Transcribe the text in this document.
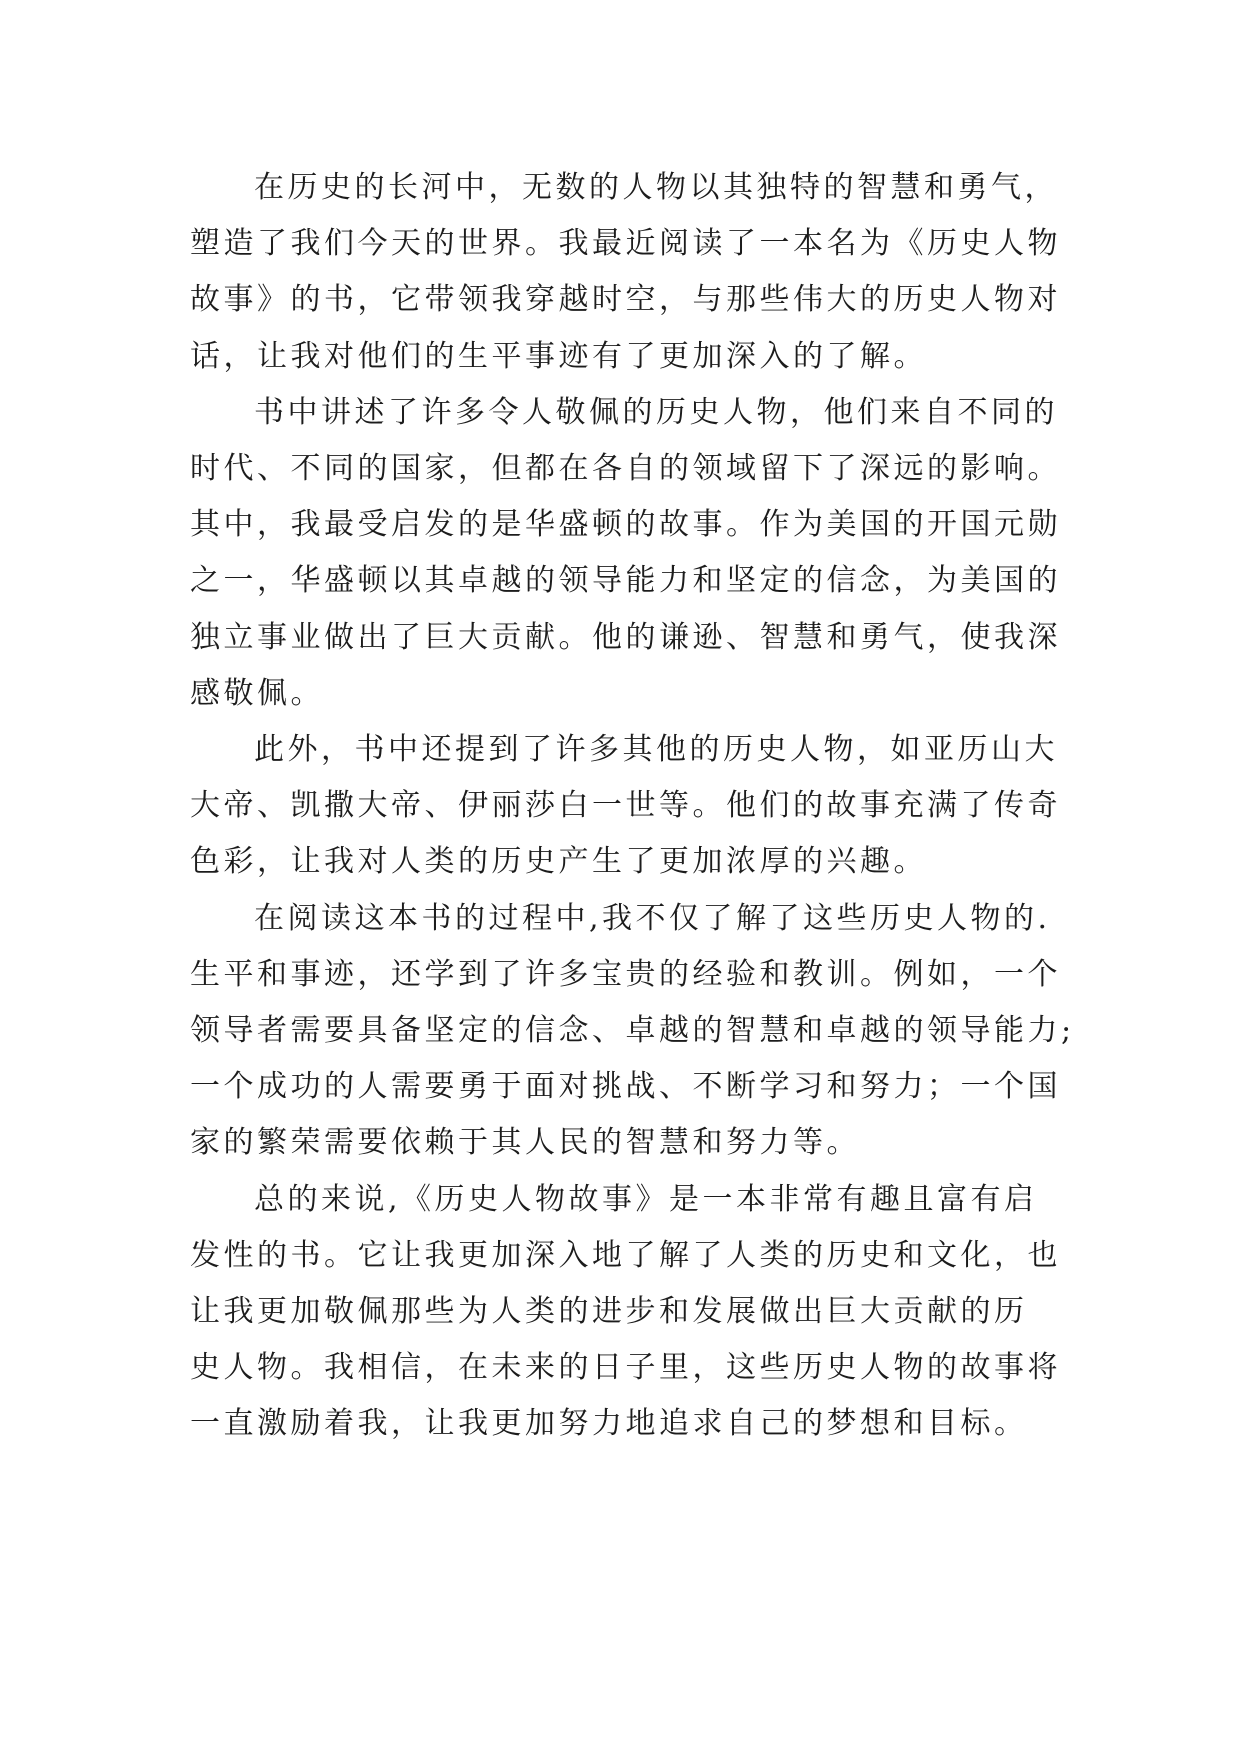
在历史的长河中，无数的人物以其独特的智慧和勇气，
塑造了我们今天的世界。我最近阅读了一本名为《历史人物
故事》的书，它带领我穿越时空，与那些伟大的历史人物对
话，让我对他们的生平事迹有了更加深入的了解。

书中讲述了许多令人敬佩的历史人物，他们来自不同的
时代、不同的国家，但都在各自的领域留下了深远的影响。
其中，我最受启发的是华盛顿的故事。作为美国的开国元勋
之一，华盛顿以其卓越的领导能力和坚定的信念，为美国的
独立事业做出了巨大贡献。他的谦逊、智慧和勇气，使我深
感敬佩。

此外，书中还提到了许多其他的历史人物，如亚历山大
大帝、凯撒大帝、伊丽莎白一世等。他们的故事充满了传奇
色彩，让我对人类的历史产生了更加浓厚的兴趣。

在阅读这本书的过程中,我不仅了解了这些历史人物的.
生平和事迹，还学到了许多宝贵的经验和教训。例如，一个
领导者需要具备坚定的信念、卓越的智慧和卓越的领导能力;
一个成功的人需要勇于面对挑战、不断学习和努力；一个国
家的繁荣需要依赖于其人民的智慧和努力等。

总的来说,《历史人物故事》是一本非常有趣且富有启
发性的书。它让我更加深入地了解了人类的历史和文化，也
让我更加敬佩那些为人类的进步和发展做出巨大贡献的历
史人物。我相信，在未来的日子里，这些历史人物的故事将
一直激励着我，让我更加努力地追求自己的梦想和目标。
